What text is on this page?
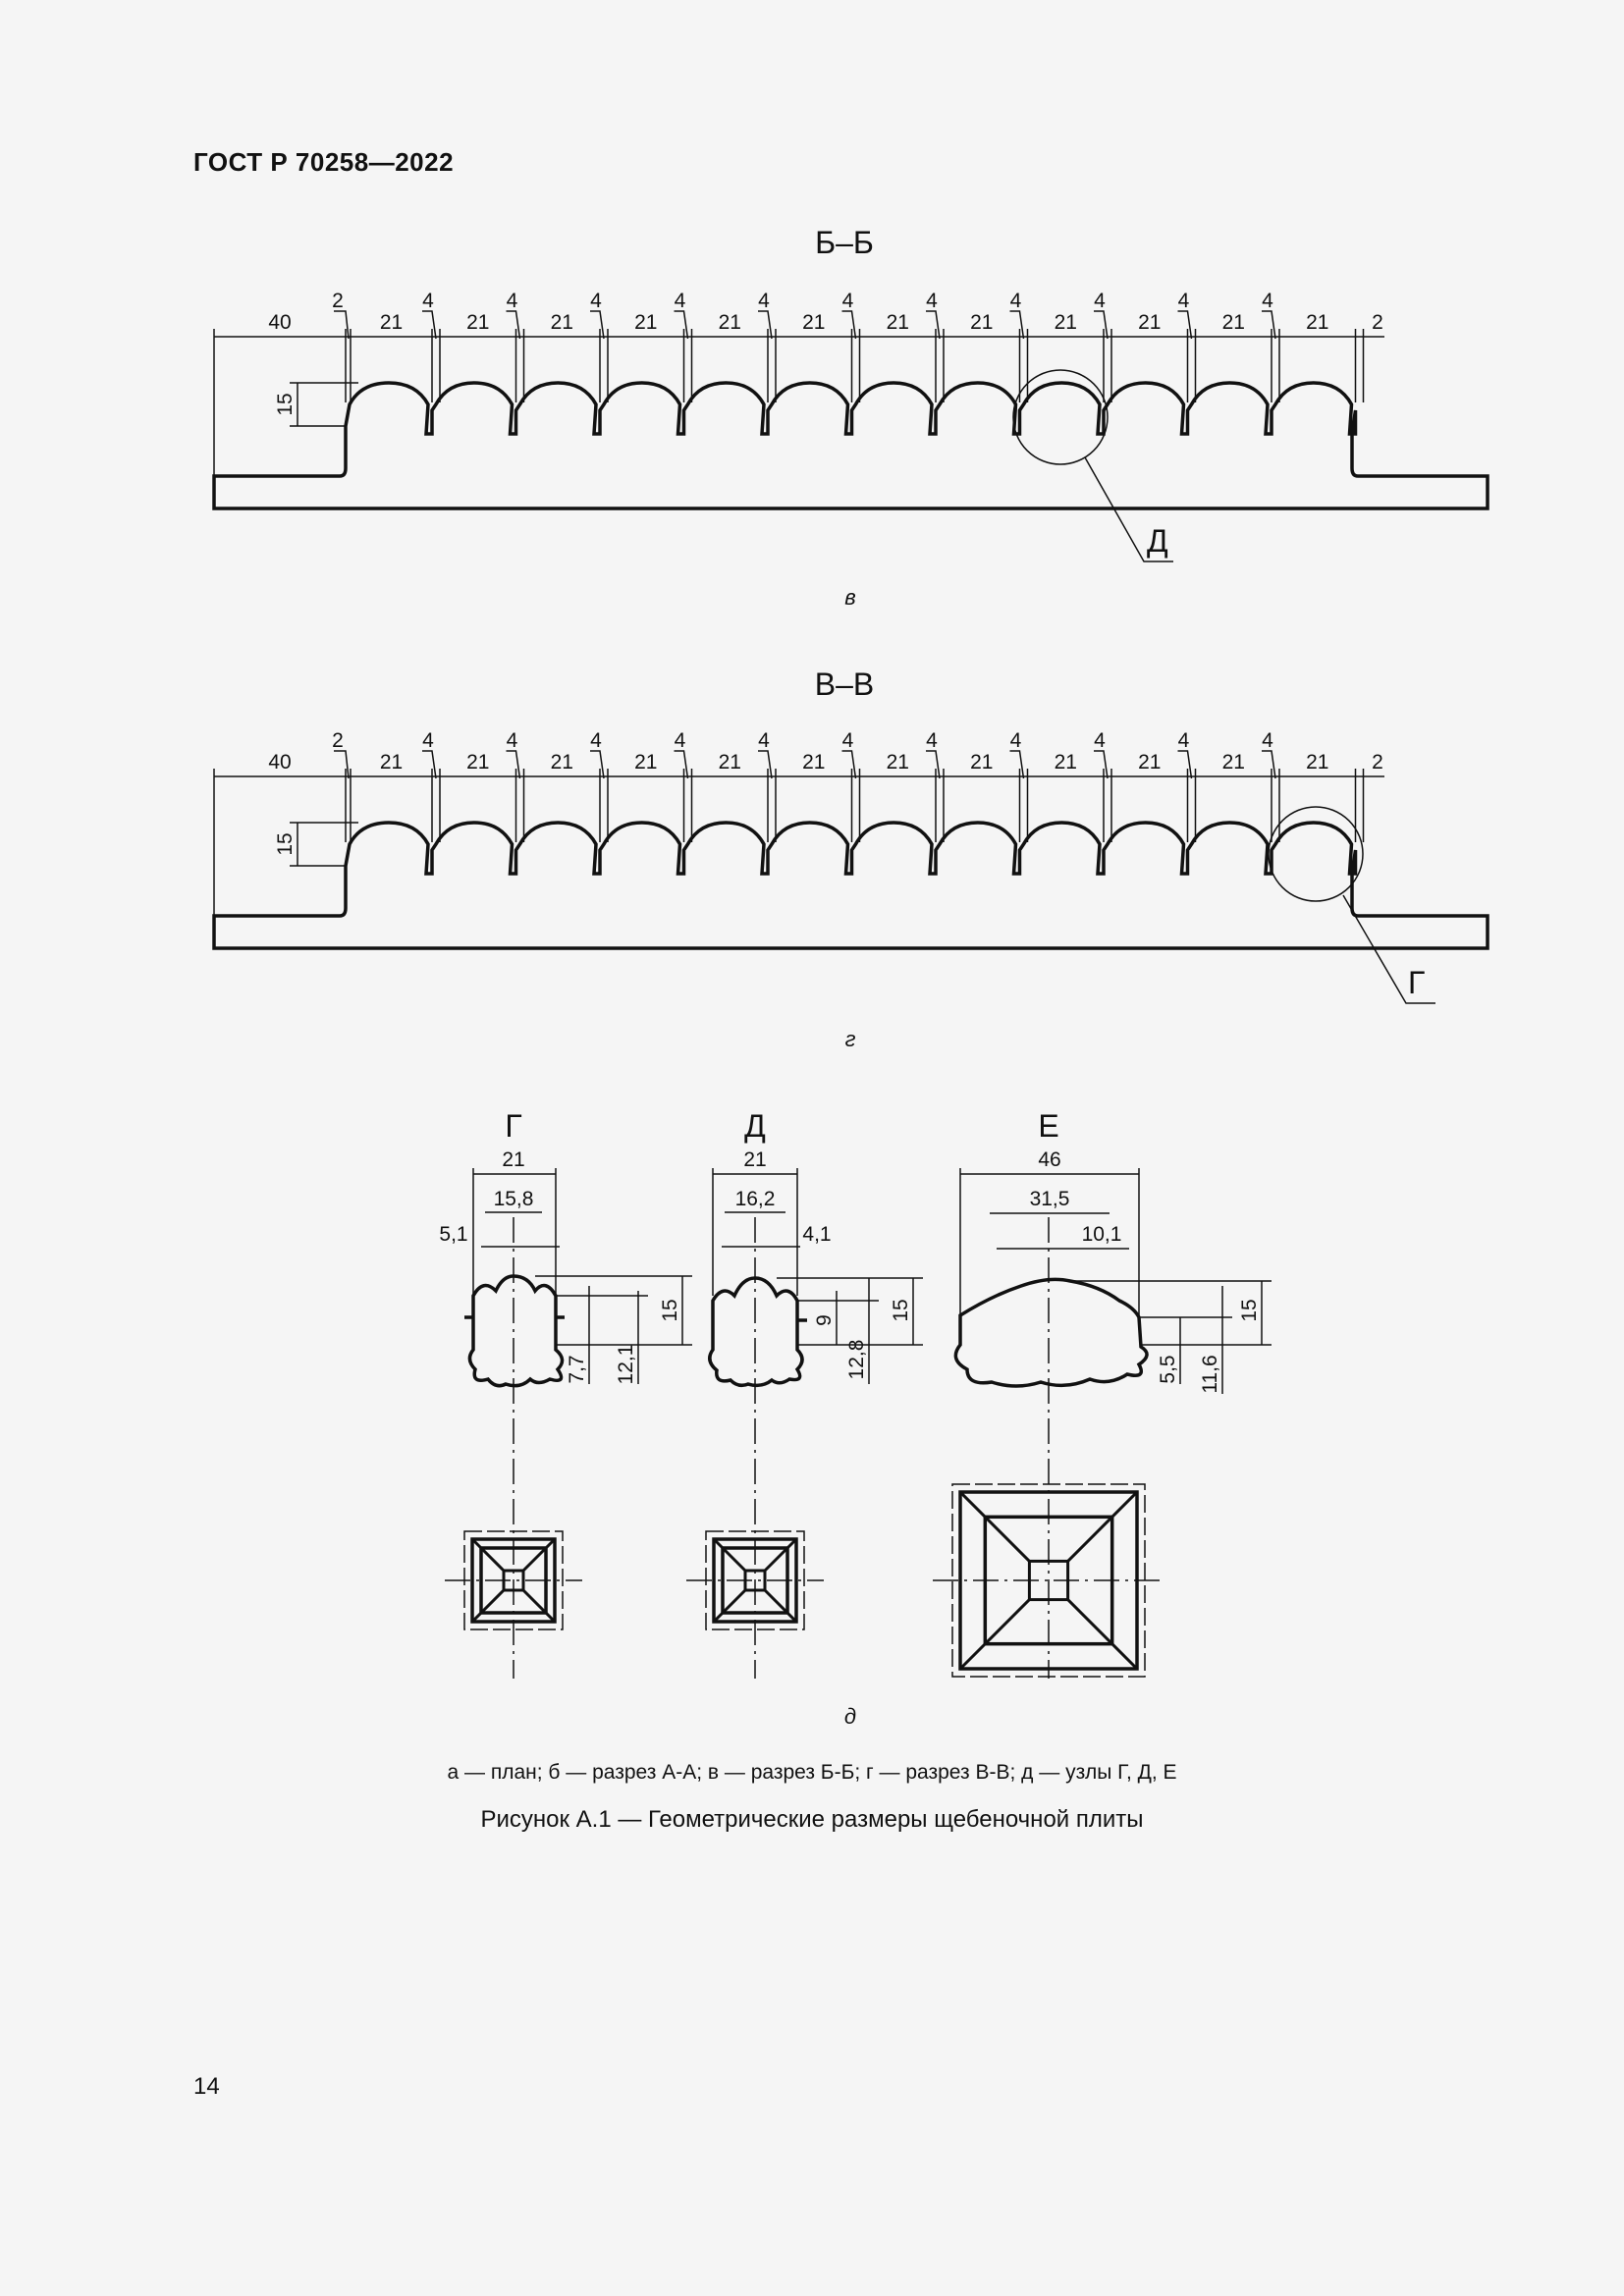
ГОСТ Р 70258—2022
Б–Б
в
40
2
21
4
21
4
21
4
21
4
21
4
21
4
21
4
21
4
21
4
21
4
21
4
21 2
15
Д
В–В
г
40
2
21
4
21
4
21
4
21
4
21
4
21
4
21
4
21
4
21
4
21
4
21
4
21 2
15
Г
Г
21
15,8
5,1
7,7 12,1
15
Д
21
16,2
4,1
9
12,8
15
Е
46
31,5
10,1
5,5 11,6
15
д
а — план; б — разрез А-А; в — разрез Б-Б; г — разрез В-В; д — узлы Г, Д, Е
Рисунок А.1 — Геометрические размеры щебеночной плиты
14
